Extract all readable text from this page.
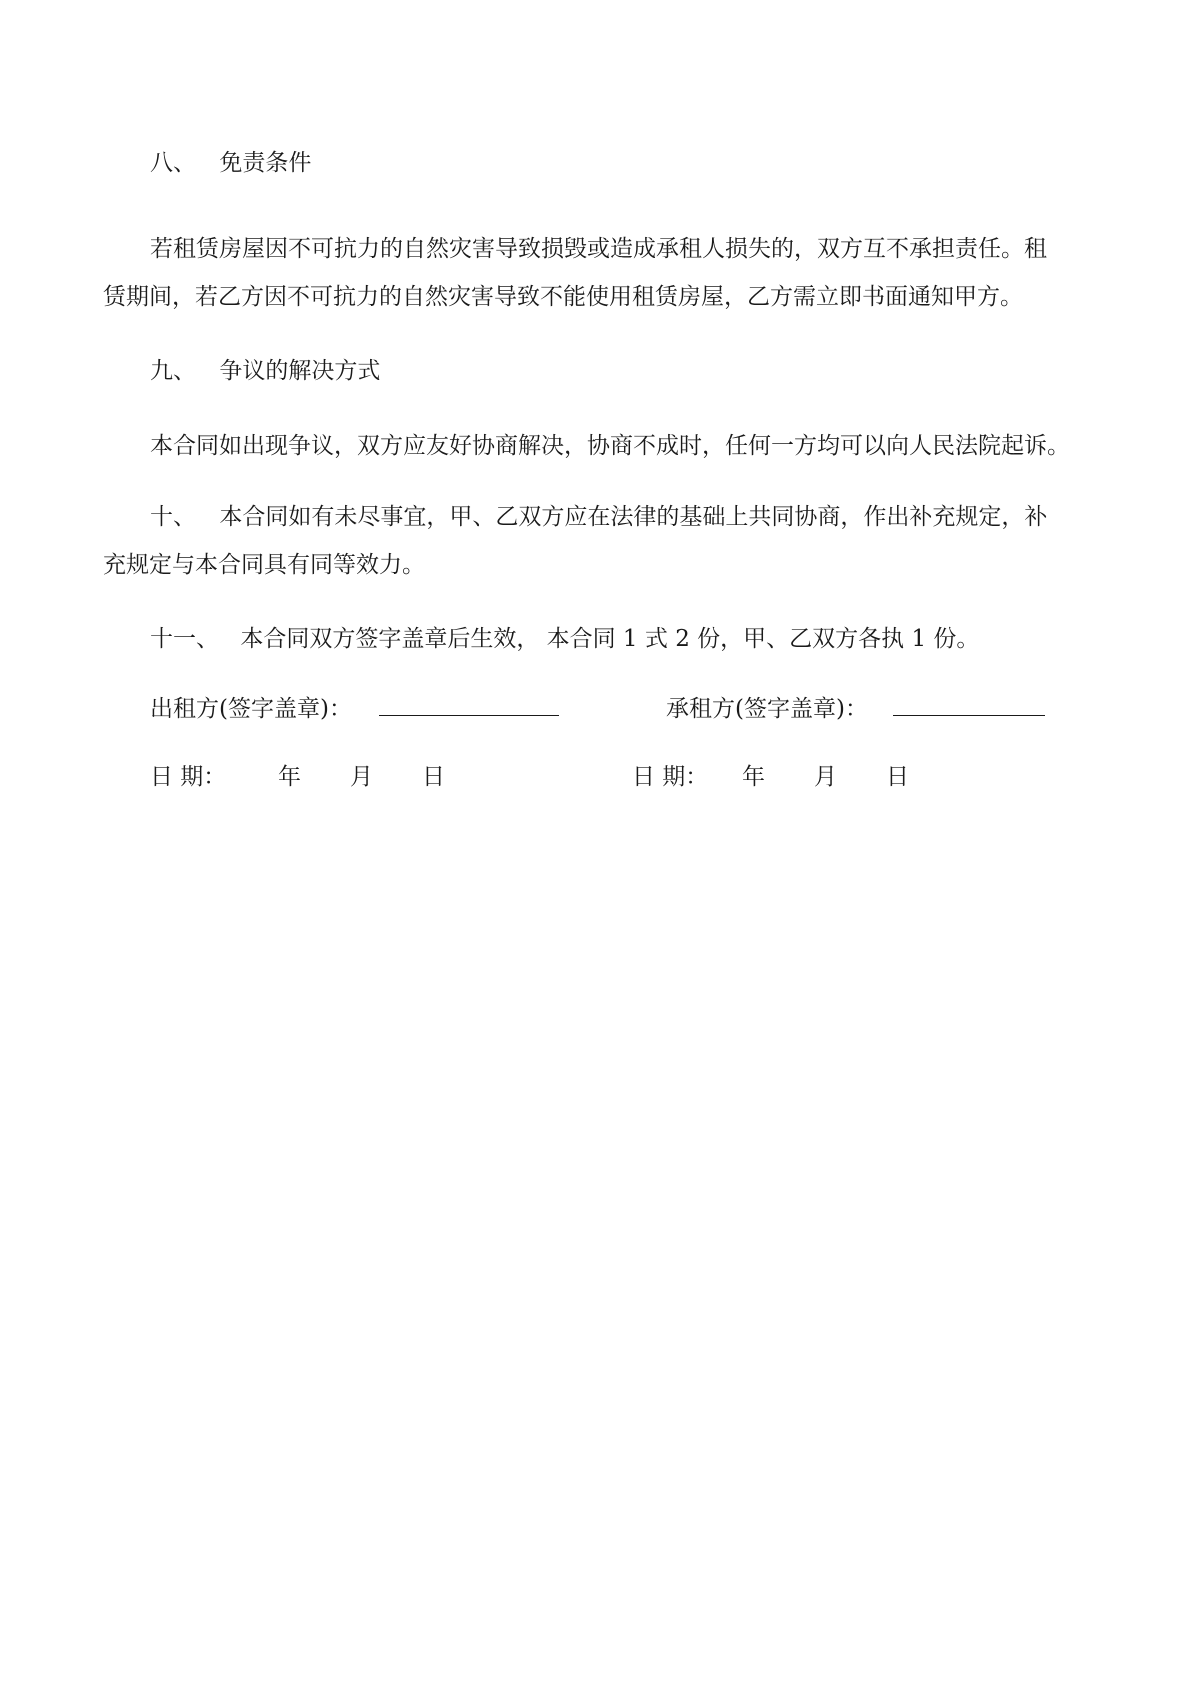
八、 免责条件
若租赁房屋因不可抗力的自然灾害导致损毁或造成承租人损失的，双方互不承担责任。租
赁期间，若乙方因不可抗力的自然灾害导致不能使用租赁房屋，乙方需立即书面通知甲方。
九、 争议的解决方式
本合同如出现争议，双方应友好协商解决，协商不成时，任何一方均可以向人民法院起诉。
十、 本合同如有未尽事宜，甲、乙双方应在法律的基础上共同协商，作出补充规定，补
充规定与本合同具有同等效力。
十一、 本合同双方签字盖章后生效， 本合同 1 式 2 份，甲、乙双方各执 1 份。
出租方(签字盖章)：	承租方(签字盖章)：
日 期： 年 月 日	日 期： 年 月 日
